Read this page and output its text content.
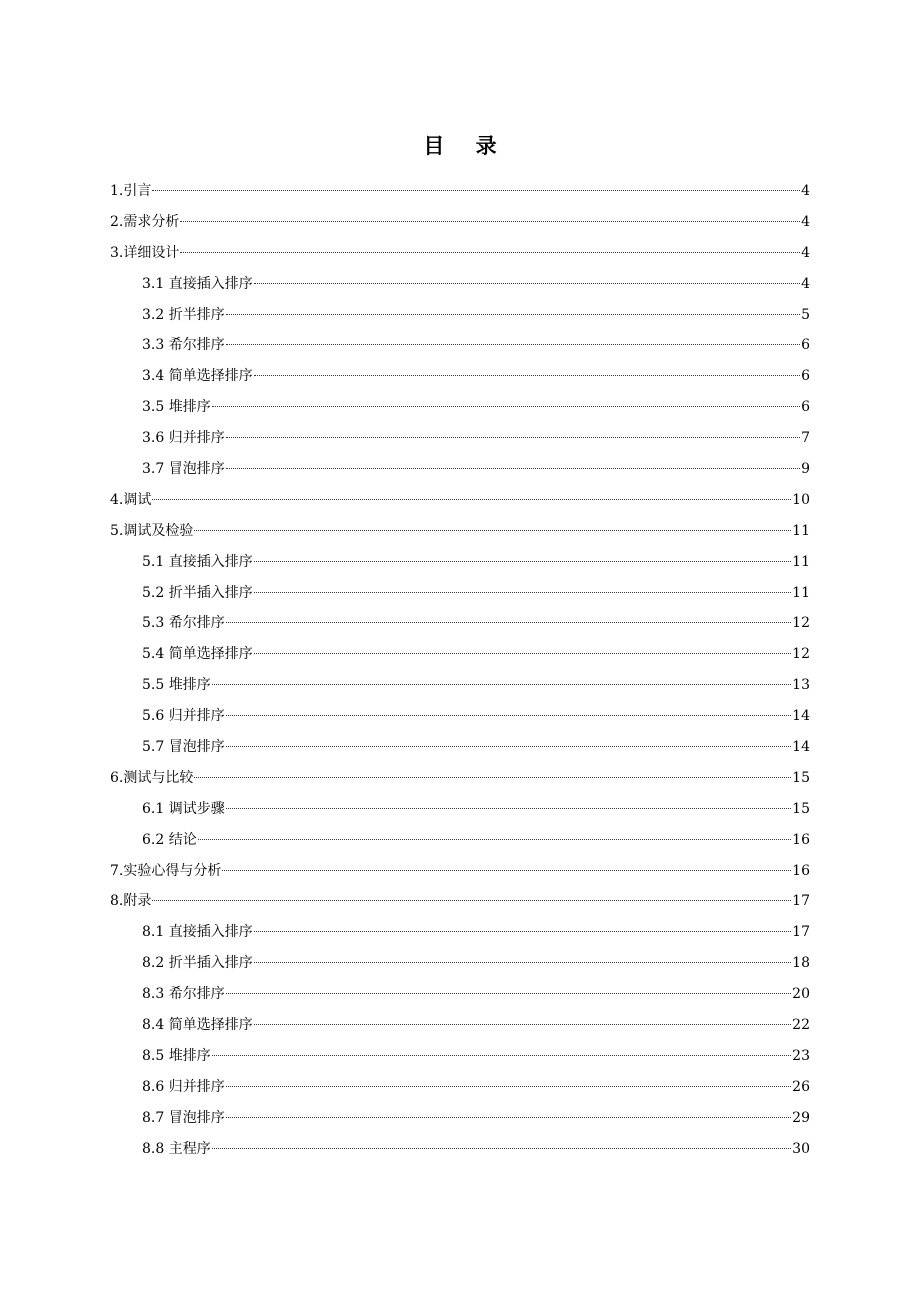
目 录
1.引言	4
2.需求分析	4
3.详细设计	4
3.1 直接插入排序	4
3.2 折半排序	5
3.3 希尔排序	6
3.4 简单选择排序	6
3.5 堆排序	6
3.6 归并排序	7
3.7 冒泡排序	9
4.调试	10
5.调试及检验	11
5.1 直接插入排序	11
5.2 折半插入排序	11
5.3 希尔排序	12
5.4 简单选择排序	12
5.5 堆排序	13
5.6 归并排序	14
5.7 冒泡排序	14
6.测试与比较	15
6.1 调试步骤	15
6.2 结论	16
7.实验心得与分析	16
8.附录	17
8.1 直接插入排序	17
8.2 折半插入排序	18
8.3 希尔排序	20
8.4 简单选择排序	22
8.5 堆排序	23
8.6 归并排序	26
8.7 冒泡排序	29
8.8 主程序	30
